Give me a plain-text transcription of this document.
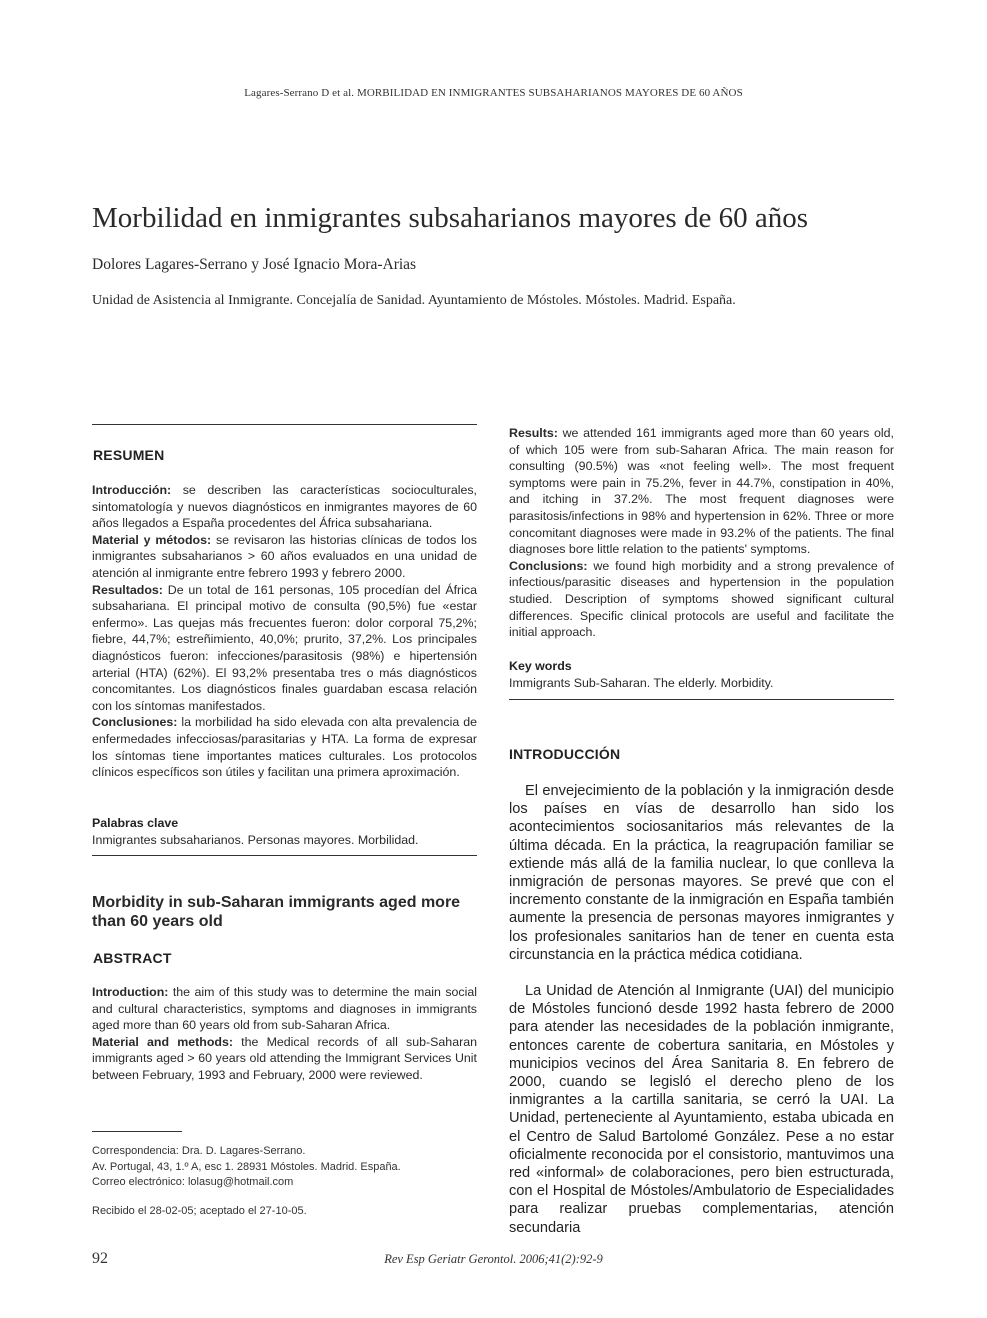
Lagares-Serrano D et al. MORBILIDAD EN INMIGRANTES SUBSAHARIANOS MAYORES DE 60 AÑOS
Morbilidad en inmigrantes subsaharianos mayores de 60 años
Dolores Lagares-Serrano y José Ignacio Mora-Arias
Unidad de Asistencia al Inmigrante. Concejalía de Sanidad. Ayuntamiento de Móstoles. Móstoles. Madrid. España.
RESUMEN

Introducción: se describen las características socioculturales, sintomatología y nuevos diagnósticos en inmigrantes mayores de 60 años llegados a España procedentes del África subsahariana.

Material y métodos: se revisaron las historias clínicas de todos los inmigrantes subsaharianos > 60 años evaluados en una unidad de atención al inmigrante entre febrero 1993 y febrero 2000.

Resultados: De un total de 161 personas, 105 procedían del África subsahariana. El principal motivo de consulta (90,5%) fue «estar enfermo». Las quejas más frecuentes fueron: dolor corporal 75,2%; fiebre, 44,7%; estreñimiento, 40,0%; prurito, 37,2%. Los principales diagnósticos fueron: infecciones/parasitosis (98%) e hipertensión arterial (HTA) (62%). El 93,2% presentaba tres o más diagnósticos concomitantes. Los diagnósticos finales guardaban escasa relación con los síntomas manifestados.

Conclusiones: la morbilidad ha sido elevada con alta prevalencia de enfermedades infecciosas/parasitarias y HTA. La forma de expresar los síntomas tiene importantes matices culturales. Los protocolos clínicos específicos son útiles y facilitan una primera aproximación.

Palabras clave
Inmigrantes subsaharianos. Personas mayores. Morbilidad.
Morbidity in sub-Saharan immigrants aged more than 60 years old
ABSTRACT

Introduction: the aim of this study was to determine the main social and cultural characteristics, symptoms and diagnoses in immigrants aged more than 60 years old from sub-Saharan Africa.

Material and methods: the Medical records of all sub-Saharan immigrants aged > 60 years old attending the Immigrant Services Unit between February, 1993 and February, 2000 were reviewed.

Correspondencia: Dra. D. Lagares-Serrano.
Av. Portugal, 43, 1.º A, esc 1. 28931 Móstoles. Madrid. España.
Correo electrónico: lolasug@hotmail.com
Recibido el 28-02-05; aceptado el 27-10-05.

Results: we attended 161 immigrants aged more than 60 years old, of which 105 were from sub-Saharan Africa. The main reason for consulting (90.5%) was «not feeling well». The most frequent symptoms were pain in 75.2%, fever in 44.7%, constipation in 40%, and itching in 37.2%. The most frequent diagnoses were parasitosis/infections in 98% and hypertension in 62%. Three or more concomitant diagnoses were made in 93.2% of the patients. The final diagnoses bore little relation to the patients' symptoms.

Conclusions: we found high morbidity and a strong prevalence of infectious/parasitic diseases and hypertension in the population studied. Description of symptoms showed significant cultural differences. Specific clinical protocols are useful and facilitate the initial approach.

Key words
Immigrants Sub-Saharan. The elderly. Morbidity.
INTRODUCCIÓN

El envejecimiento de la población y la inmigración desde los países en vías de desarrollo han sido los acontecimientos sociosanitarios más relevantes de la última década. En la práctica, la reagrupación familiar se extiende más allá de la familia nuclear, lo que conlleva la inmigración de personas mayores. Se prevé que con el incremento constante de la inmigración en España también aumente la presencia de personas mayores inmigrantes y los profesionales sanitarios han de tener en cuenta esta circunstancia en la práctica médica cotidiana.

La Unidad de Atención al Inmigrante (UAI) del municipio de Móstoles funcionó desde 1992 hasta febrero de 2000 para atender las necesidades de la población inmigrante, entonces carente de cobertura sanitaria, en Móstoles y municipios vecinos del Área Sanitaria 8. En febrero de 2000, cuando se legisló el derecho pleno de los inmigrantes a la cartilla sanitaria, se cerró la UAI. La Unidad, perteneciente al Ayuntamiento, estaba ubicada en el Centro de Salud Bartolomé González. Pese a no estar oficialmente reconocida por el consistorio, mantuvimos una red «informal» de colaboraciones, pero bien estructurada, con el Hospital de Móstoles/Ambulatorio de Especialidades para realizar pruebas complementarias, atención secundaria

92	Rev Esp Geriatr Gerontol. 2006;41(2):92-9
